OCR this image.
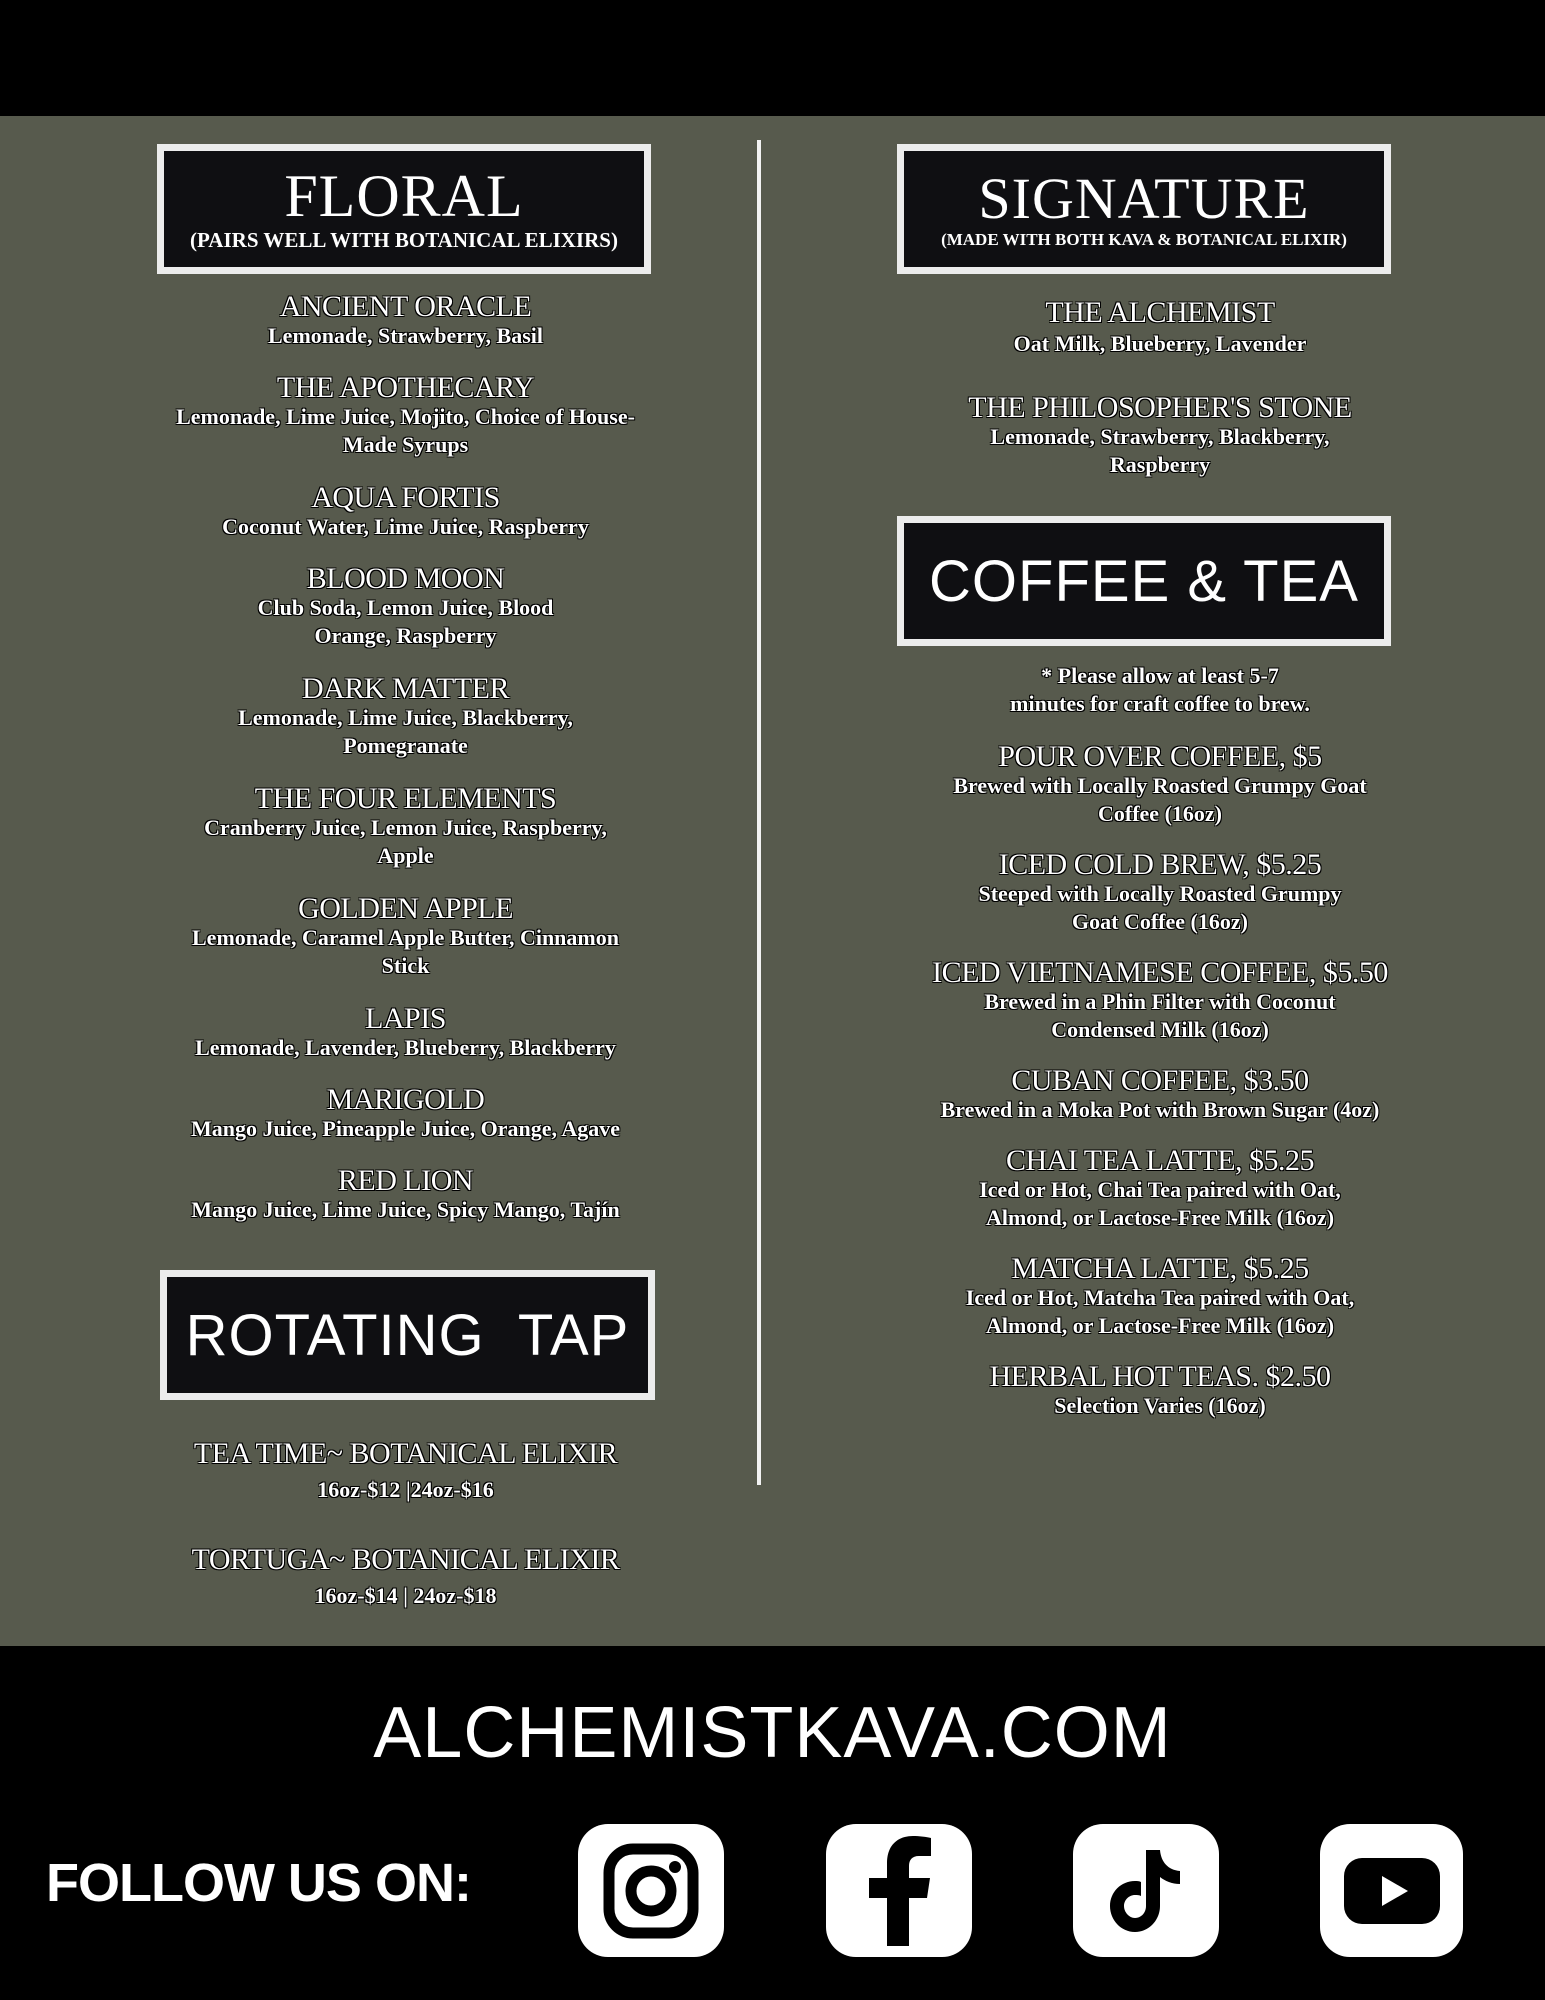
FLORAL
(PAIRS WELL WITH BOTANICAL ELIXIRS)
ANCIENT ORACLE
Lemonade, Strawberry, Basil
THE APOTHECARY
Lemonade, Lime Juice, Mojito, Choice of House-Made Syrups
AQUA FORTIS
Coconut Water, Lime Juice, Raspberry
BLOOD MOON
Club Soda, Lemon Juice, Blood Orange, Raspberry
DARK MATTER
Lemonade, Lime Juice, Blackberry, Pomegranate
THE FOUR ELEMENTS
Cranberry Juice, Lemon Juice, Raspberry, Apple
GOLDEN APPLE
Lemonade, Caramel Apple Butter, Cinnamon Stick
LAPIS
Lemonade, Lavender, Blueberry, Blackberry
MARIGOLD
Mango Juice, Pineapple Juice, Orange, Agave
RED LION
Mango Juice, Lime Juice, Spicy Mango, Tajín
ROTATING  TAP
TEA TIME~ BOTANICAL ELIXIR
16oz-$12 |24oz-$16
TORTUGA~ BOTANICAL ELIXIR
16oz-$14 | 24oz-$18
SIGNATURE
(MADE WITH BOTH KAVA & BOTANICAL ELIXIR)
THE ALCHEMIST
Oat Milk, Blueberry, Lavender
THE PHILOSOPHER'S STONE
Lemonade, Strawberry, Blackberry, Raspberry
COFFEE & TEA
* Please allow at least 5-7 minutes for craft coffee to brew.
POUR OVER COFFEE, $5
Brewed with Locally Roasted Grumpy Goat Coffee (16oz)
ICED COLD BREW, $5.25
Steeped with Locally Roasted Grumpy Goat Coffee (16oz)
ICED VIETNAMESE COFFEE, $5.50
Brewed in a Phin Filter with Coconut Condensed Milk (16oz)
CUBAN COFFEE, $3.50
Brewed in a Moka Pot with Brown Sugar (4oz)
CHAI TEA LATTE, $5.25
Iced or Hot, Chai Tea paired with Oat, Almond, or Lactose-Free Milk (16oz)
MATCHA LATTE, $5.25
Iced or Hot, Matcha Tea paired with Oat, Almond, or Lactose-Free Milk (16oz)
HERBAL HOT TEAS. $2.50
Selection Varies (16oz)
ALCHEMISTKAVA.COM
FOLLOW US ON:
